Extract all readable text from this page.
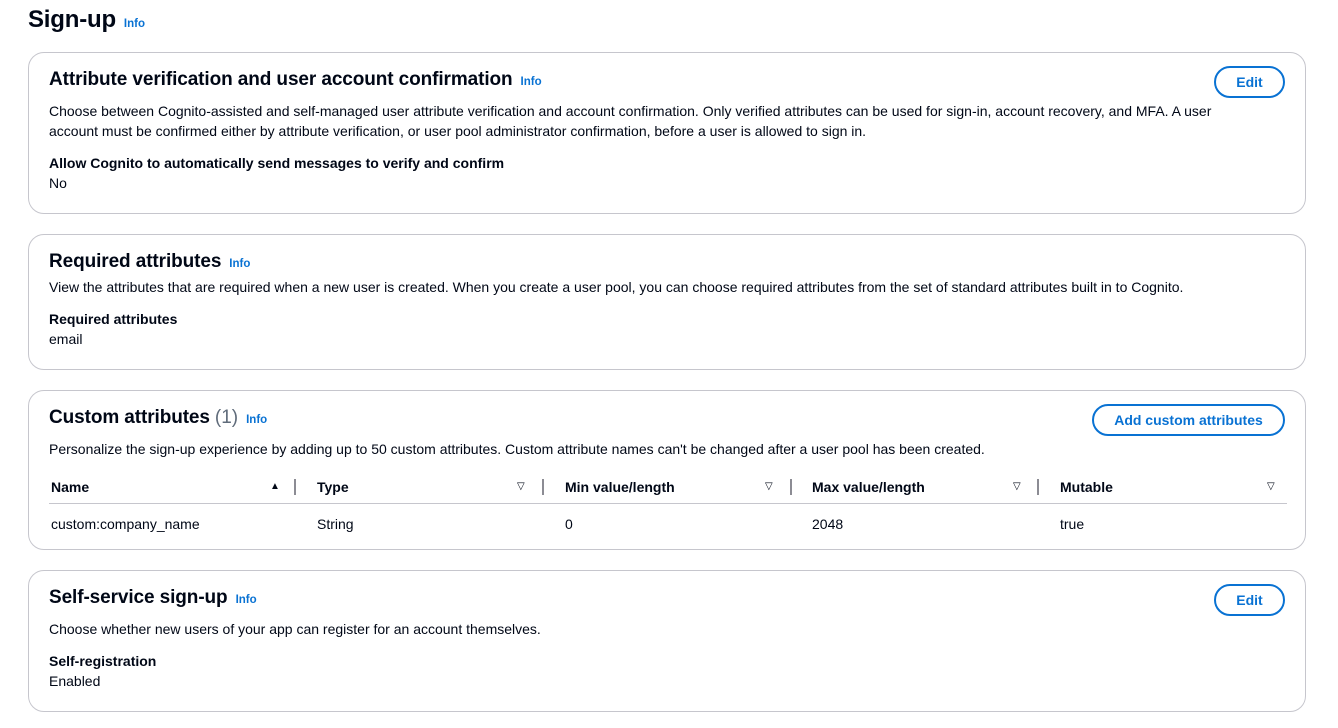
Sign-up Info
Attribute verification and user account confirmation Info	Edit
Choose between Cognito-assisted and self-managed user attribute verification and account confirmation. Only verified attributes can be used for sign-in, account recovery, and MFA. A user account must be confirmed either by attribute verification, or user pool administrator confirmation, before a user is allowed to sign in.
Allow Cognito to automatically send messages to verify and confirm
No
Required attributes Info
View the attributes that are required when a new user is created. When you create a user pool, you can choose required attributes from the set of standard attributes built in to Cognito.
Required attributes
email
Custom attributes (1) Info	Add custom attributes
Personalize the sign-up experience by adding up to 50 custom attributes. Custom attribute names can't be changed after a user pool has been created.
Name	▲	Type	▽	Min value/length	▽	Max value/length	▽	Mutable	▽
custom:company_name	String	0	2048	true
Self-service sign-up Info	Edit
Choose whether new users of your app can register for an account themselves.
Self-registration
Enabled
